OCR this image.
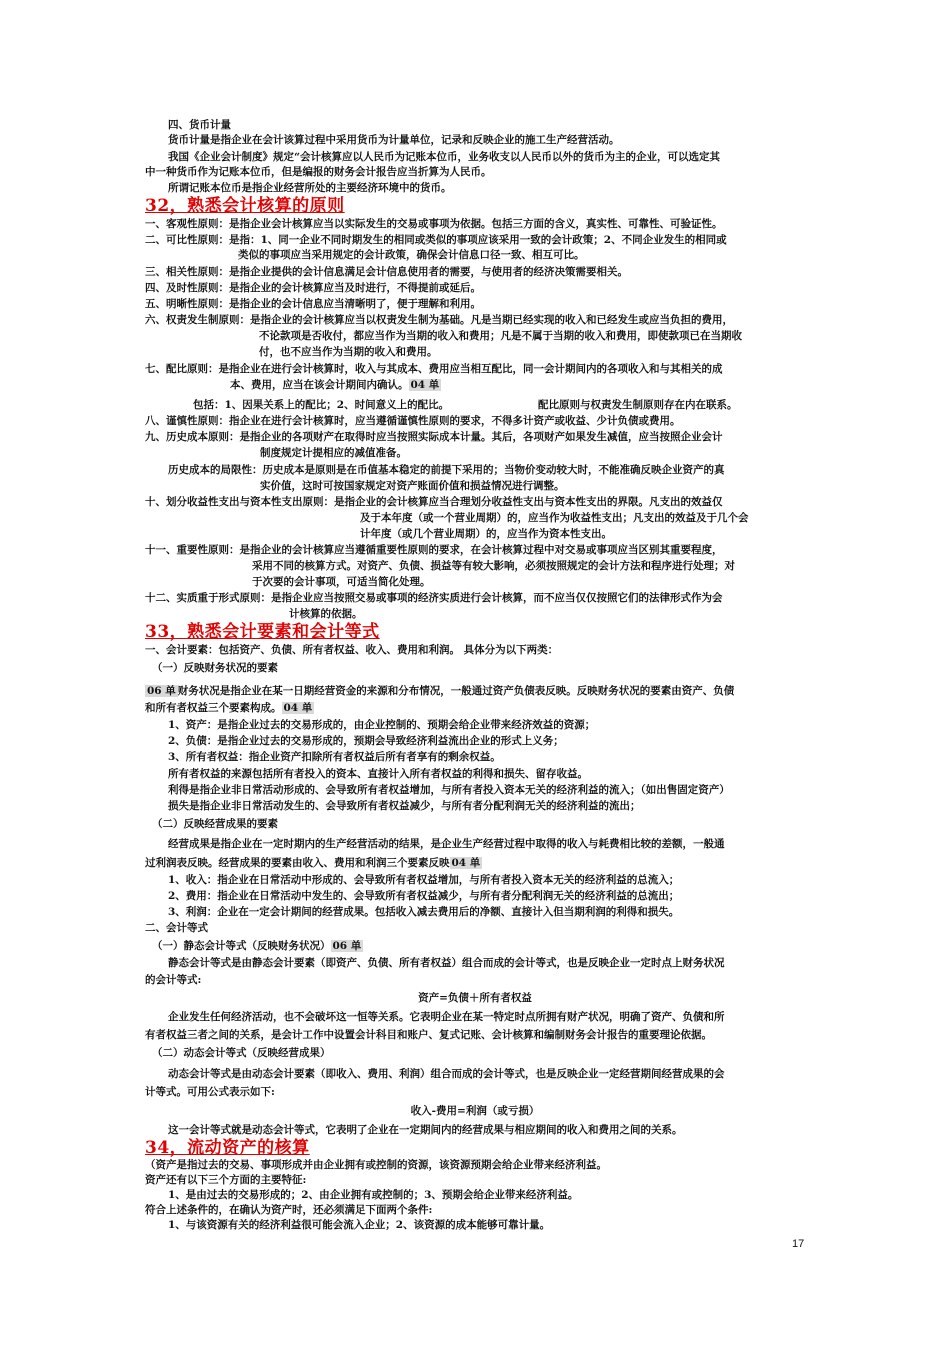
四、货币计量
货币计量是指企业在会计该算过程中采用货币为计量单位，记录和反映企业的施工生产经营活动。
我国《企业会计制度》规定“会计核算应以人民币为记账本位币，业务收支以人民币以外的货币为主的企业，可以选定其
中一种货币作为记账本位币，但是编报的财务会计报告应当折算为人民币。
所谓记账本位币是指企业经营所处的主要经济环境中的货币。
32，熟悉会计核算的原则
一、客观性原则：是指企业会计核算应当以实际发生的交易或事项为依据。包括三方面的含义，真实性、可靠性、可验证性。
二、可比性原则：是指：1、同一企业不同时期发生的相同或类似的事项应该采用一致的会计政策；2、不同企业发生的相同或
类似的事项应当采用规定的会计政策，确保会计信息口径一致、相互可比。
三、相关性原则：是指企业提供的会计信息满足会计信息使用者的需要，与使用者的经济决策需要相关。
四、及时性原则：是指企业的会计核算应当及时进行，不得提前或延后。
五、明晰性原则：是指企业的会计信息应当清晰明了，便于理解和利用。
六、权责发生制原则：是指企业的会计核算应当以权责发生制为基础。凡是当期已经实现的收入和已经发生或应当负担的费用，
不论款项是否收付，都应当作为当期的收入和费用；凡是不属于当期的收入和费用，即使款项已在当期收
付，也不应当作为当期的收入和费用。
七、配比原则：是指企业在进行会计核算时，收入与其成本、费用应当相互配比，同一会计期间内的各项收入和与其相关的成
本、费用，应当在该会计期间内确认。 04 单
包括：1、因果关系上的配比；2、时间意义上的配比。	配比原则与权责发生制原则存在内在联系。
八、谨慎性原则：指企业在进行会计核算时，应当遵循谨慎性原则的要求，不得多计资产或收益、少计负债或费用。
九、历史成本原则：是指企业的各项财产在取得时应当按照实际成本计量。其后，各项财产如果发生减值，应当按照企业会计
制度规定计提相应的减值准备。
历史成本的局限性：历史成本是原则是在币值基本稳定的前提下采用的；当物价变动较大时，不能准确反映企业资产的真
实价值，这时可按国家规定对资产账面价值和损益情况进行调整。
十、划分收益性支出与资本性支出原则：是指企业的会计核算应当合理划分收益性支出与资本性支出的界限。凡支出的效益仅
及于本年度（或一个营业周期）的，应当作为收益性支出；凡支出的效益及于几个会
计年度（或几个营业周期）的，应当作为资本性支出。
十一、重要性原则：是指企业的会计核算应当遵循重要性原则的要求，在会计核算过程中对交易或事项应当区别其重要程度，
采用不同的核算方式。对资产、负债、损益等有较大影响，必须按照规定的会计方法和程序进行处理；对
于次要的会计事项，可适当简化处理。
十二、实质重于形式原则：是指企业应当按照交易或事项的经济实质进行会计核算，而不应当仅仅按照它们的法律形式作为会
计核算的依据。
33，熟悉会计要素和会计等式
一、会计要素：包括资产、负债、所有者权益、收入、费用和利润。 具体分为以下两类：
（一）反映财务状况的要素
06 单 财务状况是指企业在某一日期经营资金的来源和分布情况，一般通过资产负债表反映。反映财务状况的要素由资产、负债
和所有者权益三个要素构成。 04 单
1、资产：是指企业过去的交易形成的，由企业控制的、预期会给企业带来经济效益的资源；
2、负债：是指企业过去的交易形成的，预期会导致经济利益流出企业的形式上义务；
3、所有者权益：指企业资产扣除所有者权益后所有者享有的剩余权益。
所有者权益的来源包括所有者投入的资本、直接计入所有者权益的利得和损失、留存收益。
利得是指企业非日常活动形成的、会导致所有者权益增加，与所有者投入资本无关的经济利益的流入；（如出售固定资产）
损失是指企业非日常活动发生的、会导致所有者权益减少，与所有者分配利润无关的经济利益的流出；
（二）反映经营成果的要素
经营成果是指企业在一定时期内的生产经营活动的结果，是企业生产经营过程中取得的收入与耗费相比较的差额，一般通
过利润表反映。经营成果的要素由收入、费用和利润三个要素反映 04 单
1、收入：指企业在日常活动中形成的、会导致所有者权益增加，与所有者投入资本无关的经济利益的总流入；
2、费用：指企业在日常活动中发生的、会导致所有者权益减少，与所有者分配利润无关的经济利益的总流出；
3、利润：企业在一定会计期间的经营成果。包括收入减去费用后的净额、直接计入但当期利润的利得和损失。
二、会计等式
（一）静态会计等式（反映财务状况） 06 单
静态会计等式是由静态会计要素（即资产、负债、所有者权益）组合而成的会计等式，也是反映企业一定时点上财务状况
的会计等式:
资产=负债＋所有者权益
企业发生任何经济活动，也不会破坏这一恒等关系。它表明企业在某一特定时点所拥有财产状况，明确了资产、负债和所
有者权益三者之间的关系，是会计工作中设置会计科目和账户、复式记账、会计核算和编制财务会计报告的重要理论依据。
（二）动态会计等式（反映经营成果）
动态会计等式是由动态会计要素（即收入、费用、利润）组合而成的会计等式，也是反映企业一定经营期间经营成果的会
计等式。可用公式表示如下:
收入-费用=利润（或亏损）
这一会计等式就是动态会计等式，它表明了企业在一定期间内的经营成果与相应期间的收入和费用之间的关系。
34，流动资产的核算
（资产是指过去的交易、事项形成并由企业拥有或控制的资源，该资源预期会给企业带来经济利益。
资产还有以下三个方面的主要特征:
1、是由过去的交易形成的；2、由企业拥有或控制的；3、预期会给企业带来经济利益。
符合上述条件的，在确认为资产时，还必须满足下面两个条件:
1、与该资源有关的经济利益很可能会流入企业；2、该资源的成本能够可靠计量。
17
